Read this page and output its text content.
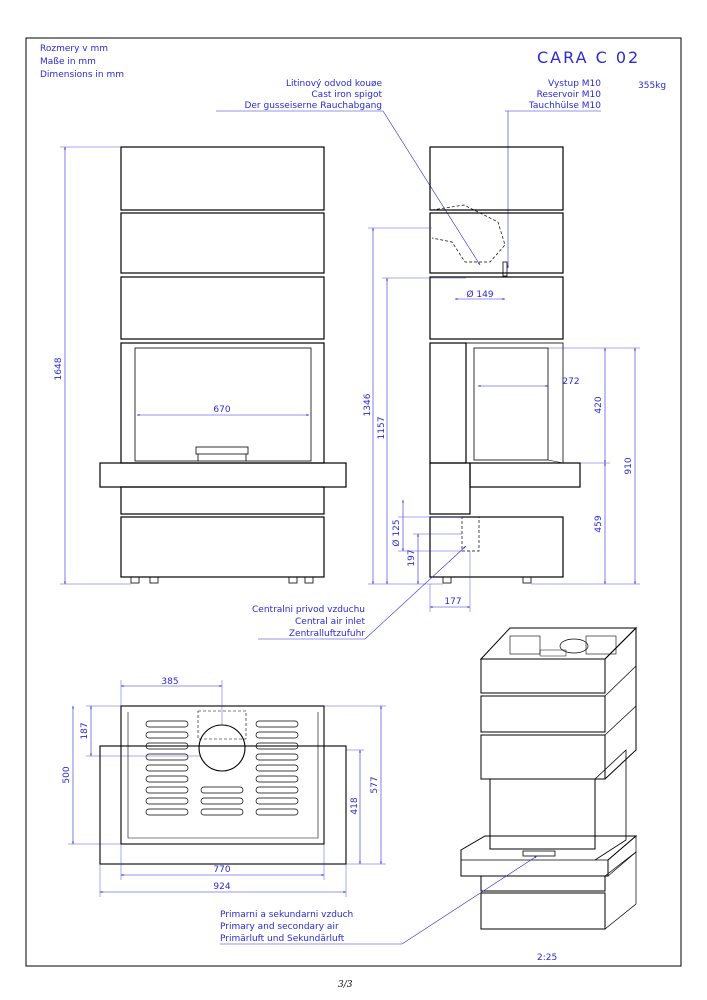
Rozmery v mm
Maße in mm
Dimensions in mm
CARA C 02
355kg
Litinový odvod kouøe
Cast iron spigot
Der gusseiserne Rauchabgang
Vystup M10
Reservoir M10
Tauchhülse M10
1648
670	1346
1157
Ø 149
272
420
910
459
Ø 125
197
177
Centralni privod vzduchu
Central air inlet
Zentralluftzufuhr
385
187
500
418
577
770
924
Primarni a sekundarni vzduch
Primary and secondary air
Primärluft und Sekundärluft
2:25
3/3
